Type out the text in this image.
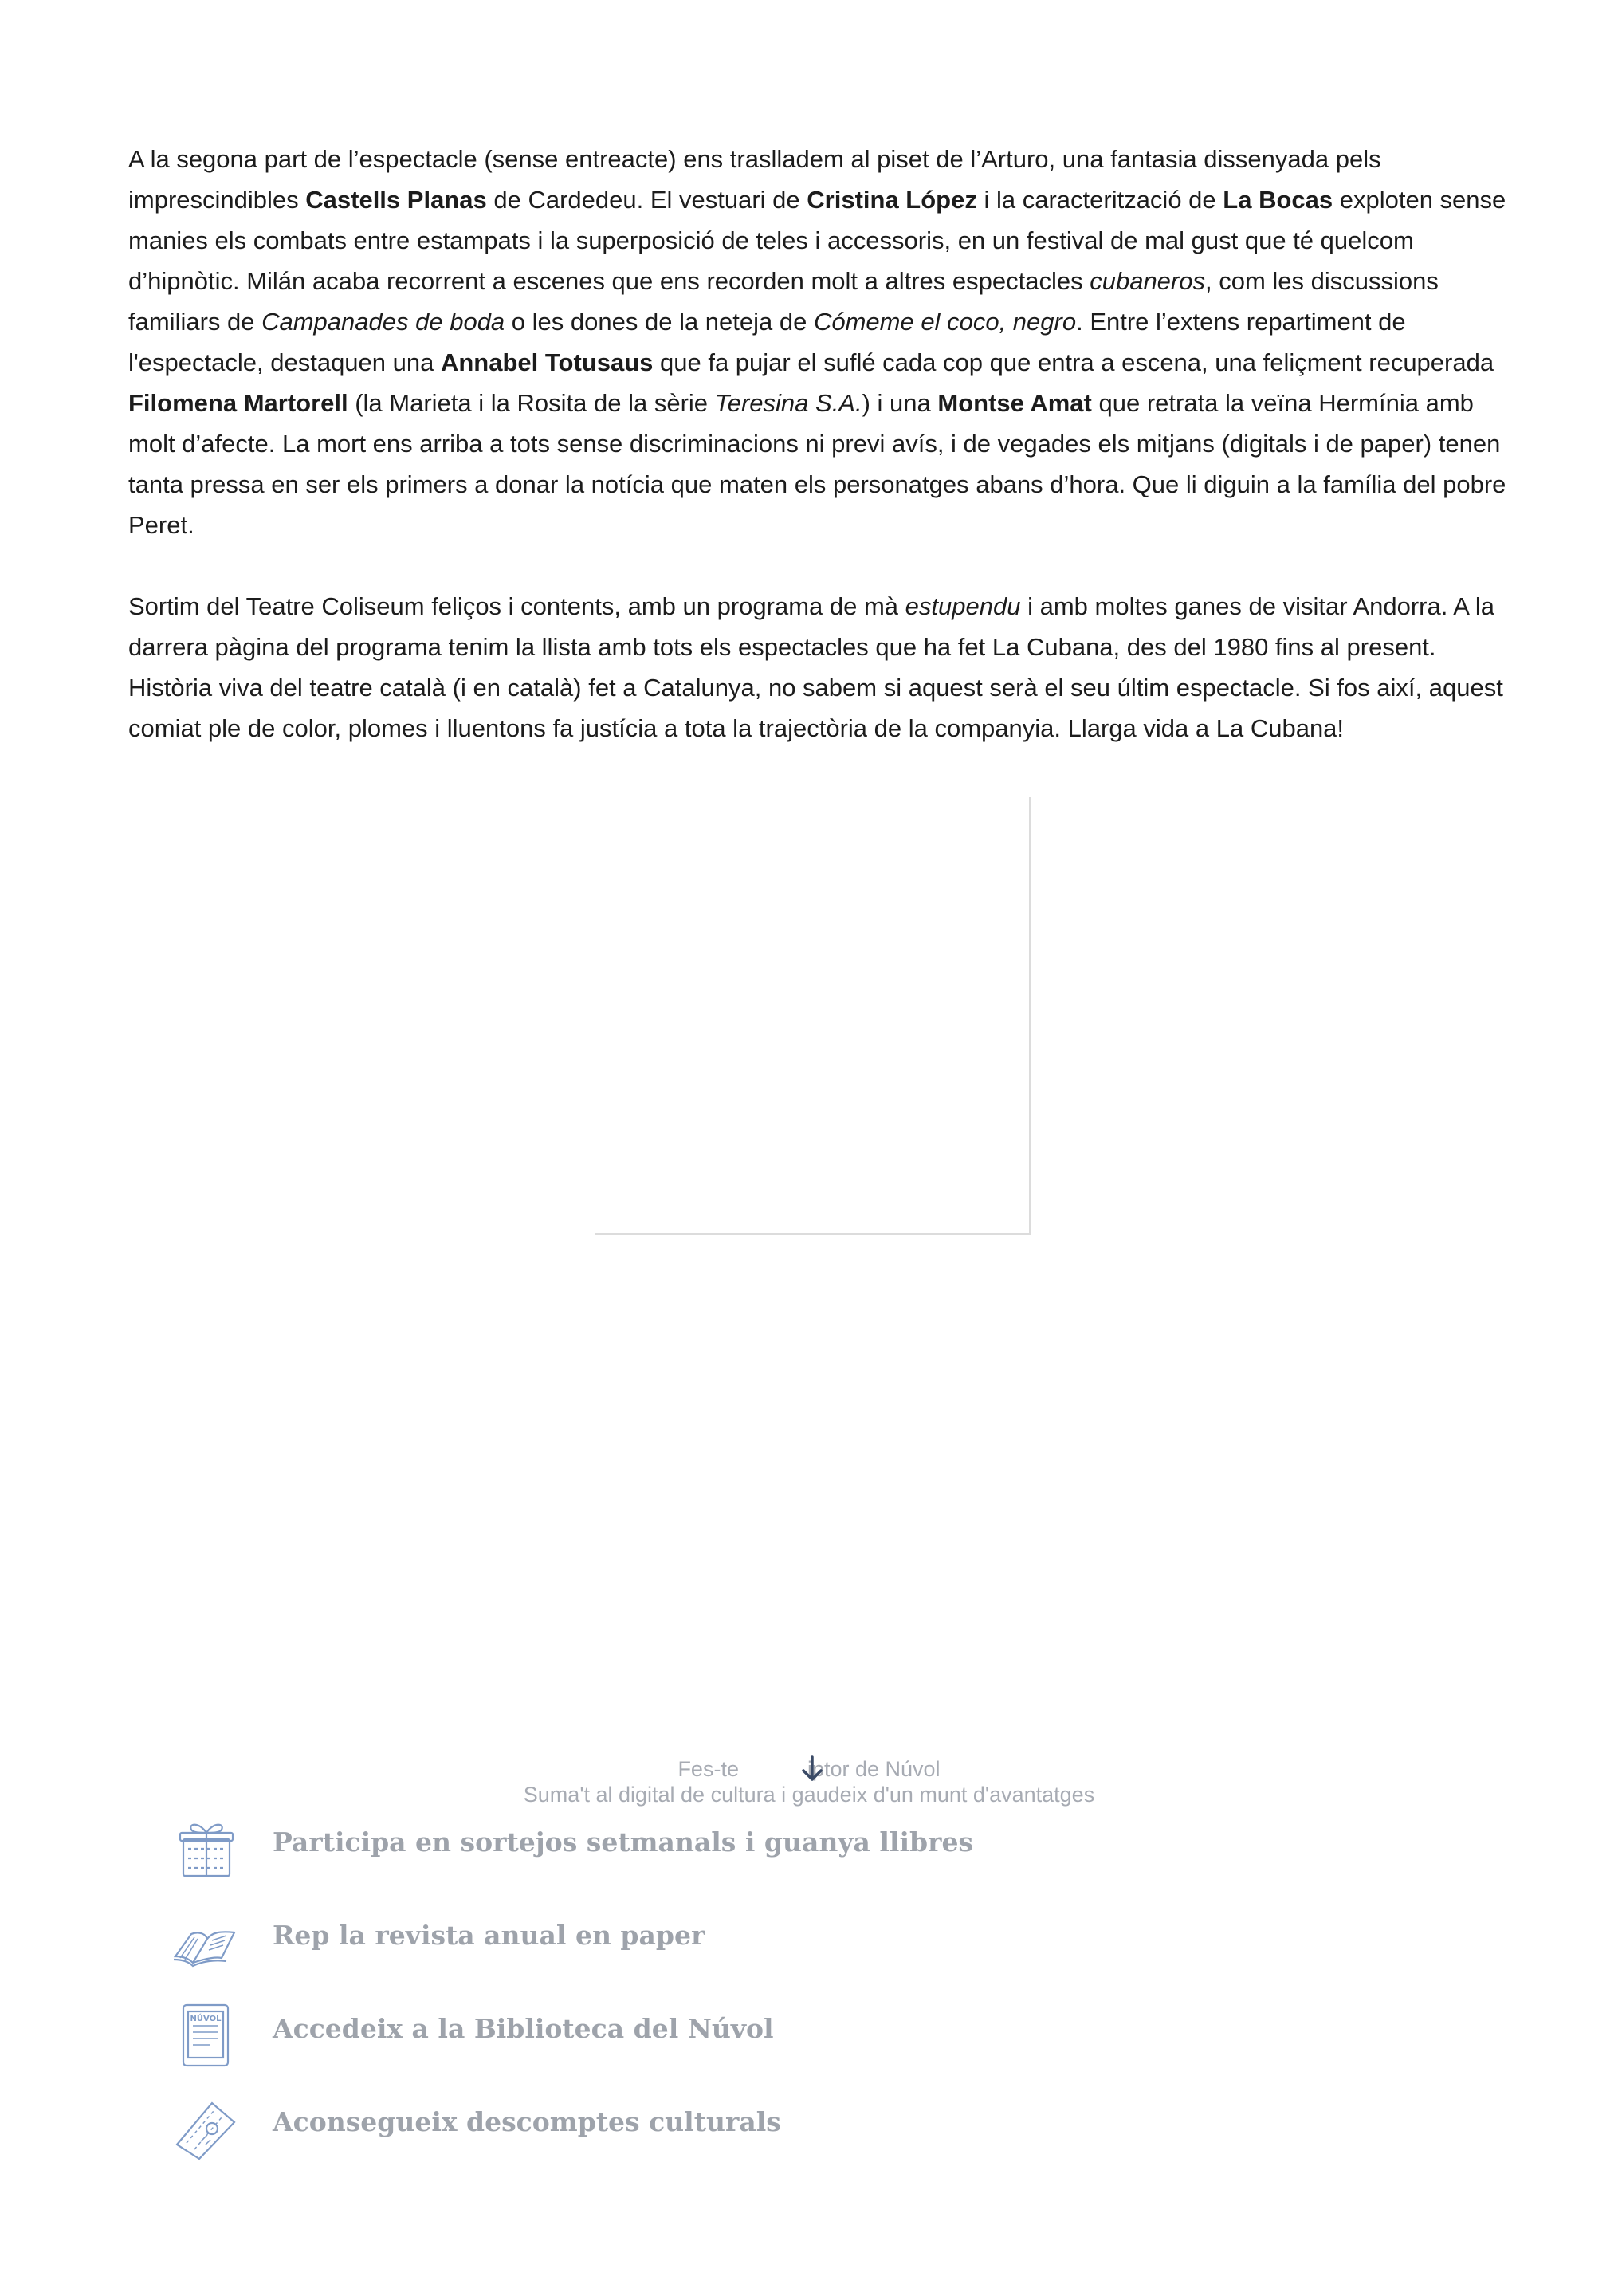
A la segona part de l’espectacle (sense entreacte) ens traslladem al piset de l’Arturo, una fantasia dissenyada pels imprescindibles Castells Planas de Cardedeu. El vestuari de Cristina López i la caracterització de La Bocas exploten sense manies els combats entre estampats i la superposició de teles i accessoris, en un festival de mal gust que té quelcom d’hipnòtic. Milán acaba recorrent a escenes que ens recorden molt a altres espectacles cubaneros, com les discussions familiars de Campanades de boda o les dones de la neteja de Cómeme el coco, negro. Entre l’extens repartiment de l'espectacle, destaquen una Annabel Totusaus que fa pujar el suflé cada cop que entra a escena, una feliçment recuperada Filomena Martorell (la Marieta i la Rosita de la sèrie Teresina S.A.) i una Montse Amat que retrata la veïna Hermínia amb molt d’afecte. La mort ens arriba a tots sense discriminacions ni previ avís, i de vegades els mitjans (digitals i de paper) tenen tanta pressa en ser els primers a donar la notícia que maten els personatges abans d’hora. Que li diguin a la família del pobre Peret.

Sortim del Teatre Coliseum feliços i contents, amb un programa de mà estupendu i amb moltes ganes de visitar Andorra. A la darrera pàgina del programa tenim la llista amb tots els espectacles que ha fet La Cubana, des del 1980 fins al present. Història viva del teatre català (i en català) fet a Catalunya, no sabem si aquest serà el seu últim espectacle. Si fos així, aquest comiat ple de color, plomes i lluentons fa justícia a tota la trajectòria de la companyia. Llarga vida a La Cubana!

Fes-te	iptor de Núvol
Suma't al digital de cultura i gaudeix d'un munt d'avantatges
Participa en sortejos setmanals i guanya llibres
Rep la revista anual en paper
NÚVOL Accedeix a la Biblioteca del Núvol
Aconsegueix descomptes culturals
